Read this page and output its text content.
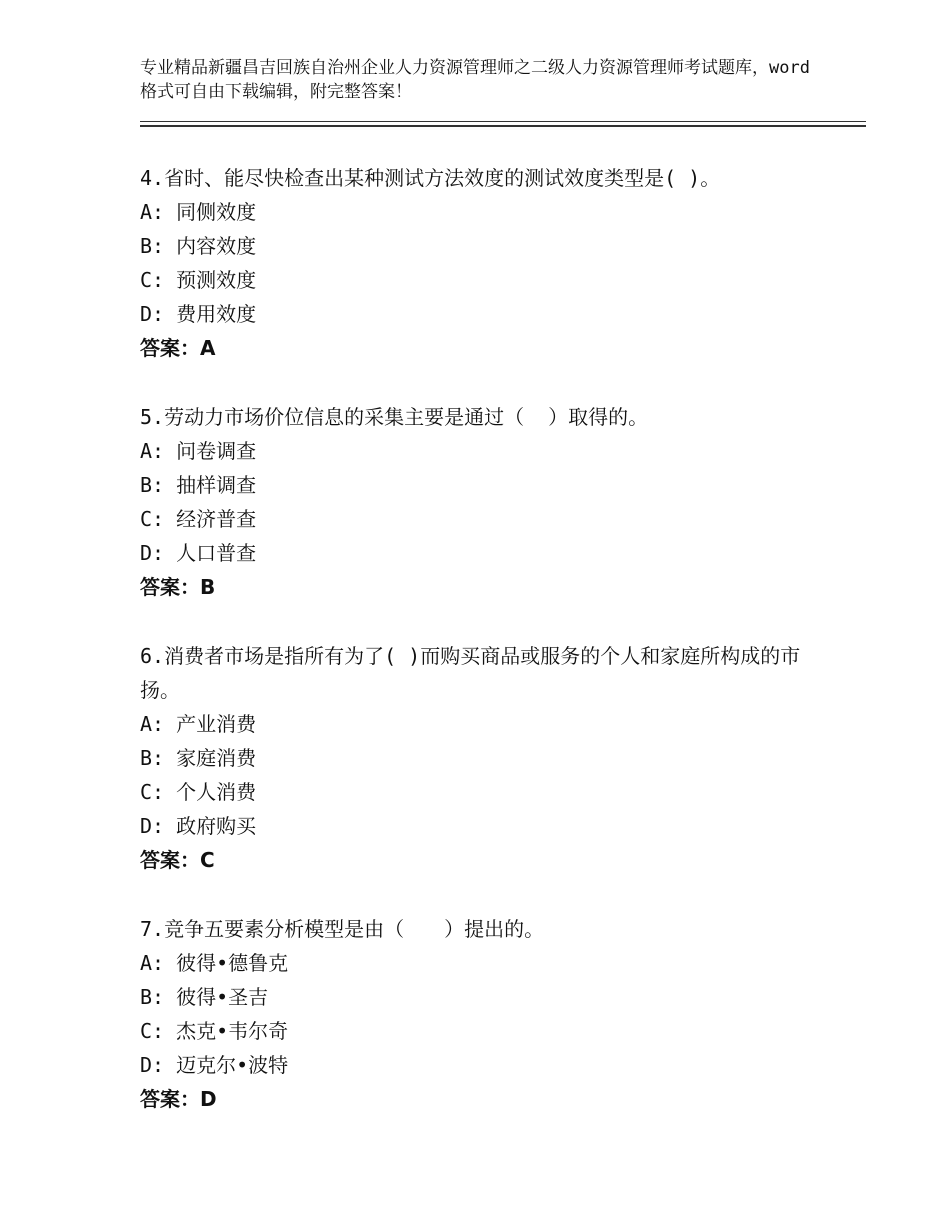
专业精品新疆昌吉回族自治州企业人力资源管理师之二级人力资源管理师考试题库，word格式可自由下载编辑，附完整答案！
4.省时、能尽快检查出某种测试方法效度的测试效度类型是( )。
A: 同侧效度
B: 内容效度
C: 预测效度
D: 费用效度
答案：A
5.劳动力市场价位信息的采集主要是通过（  ）取得的。
A: 问卷调查
B: 抽样调查
C: 经济普查
D: 人口普查
答案：B
6.消费者市场是指所有为了( )而购买商品或服务的个人和家庭所构成的市扬。
A: 产业消费
B: 家庭消费
C: 个人消费
D: 政府购买
答案：C
7.竞争五要素分析模型是由（　　）提出的。
A: 彼得•德鲁克
B: 彼得•圣吉
C: 杰克•韦尔奇
D: 迈克尔•波特
答案：D
